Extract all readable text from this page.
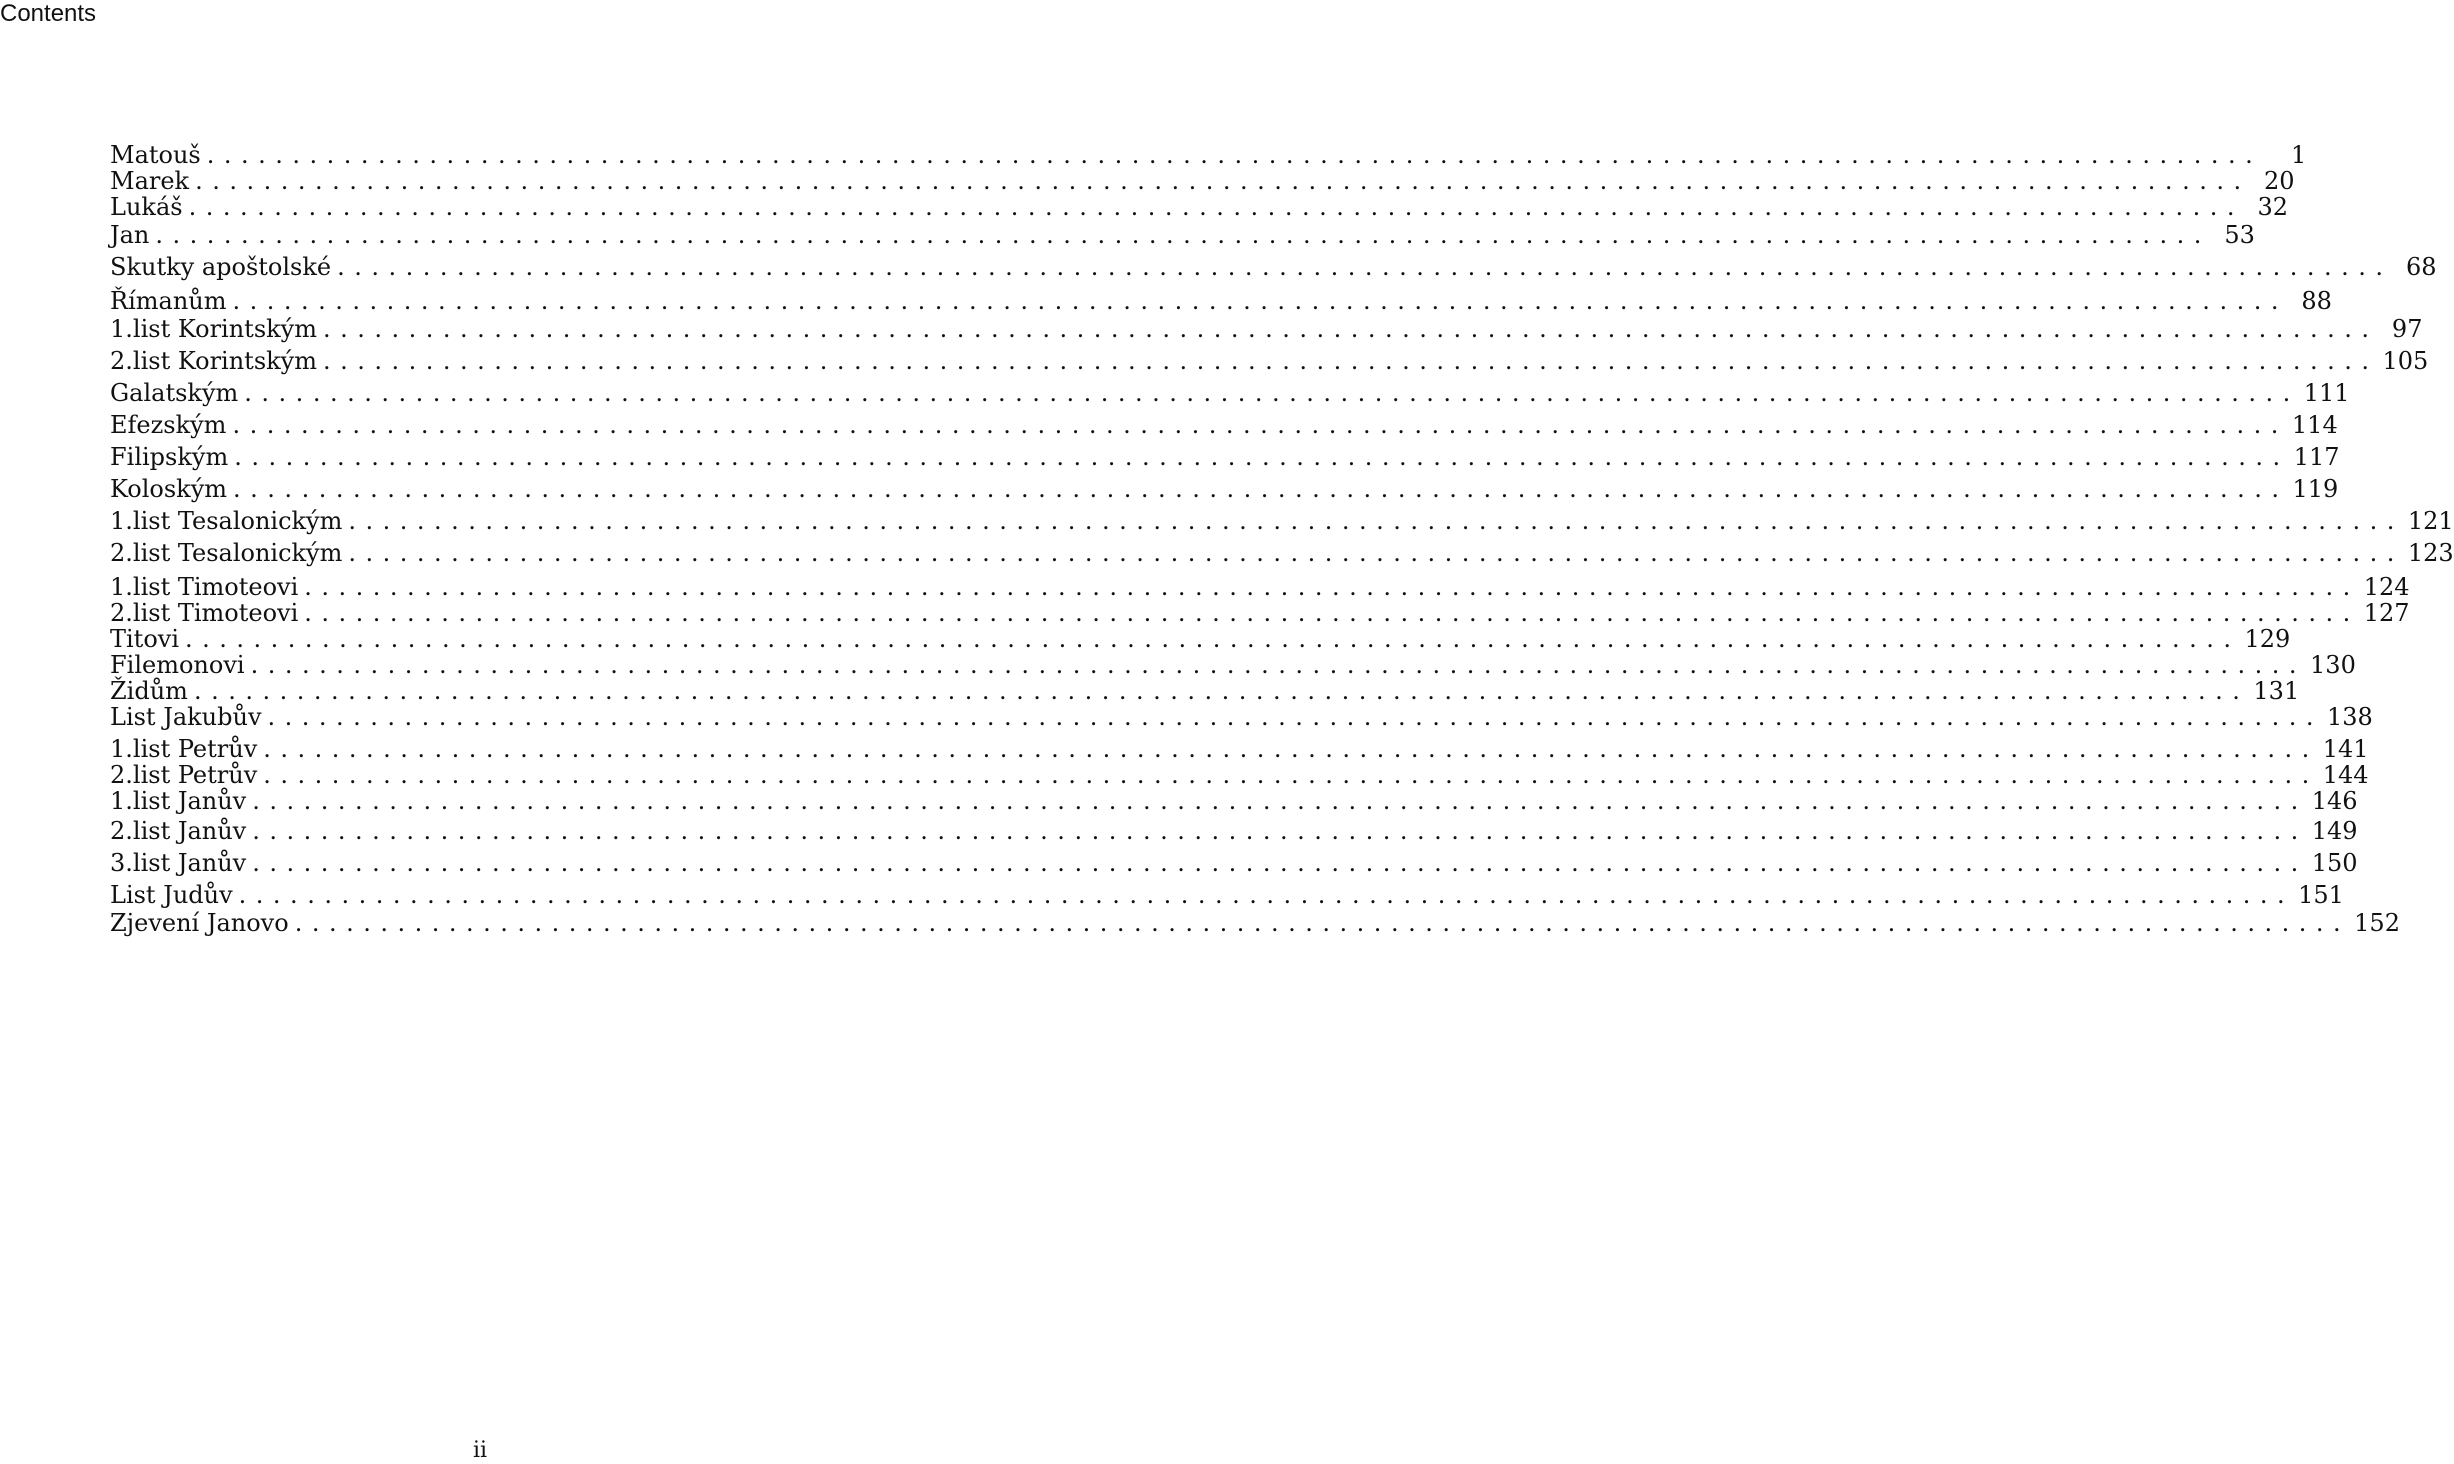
Contents
Matouš ........................................................................................................................	1
Marek ........................................................................................................................ 20
Lukáš ........................................................................................................................ 32
Jan ........................................................................................................................ 53
Skutky apoštolské ........................................................................................................................ 68
Římanům ........................................................................................................................ 88
1.list Korintským ........................................................................................................................ 97
2.list Korintským ........................................................................................................................ 105
Galatským ........................................................................................................................ 111
Efezským ........................................................................................................................ 114
Filipským ........................................................................................................................ 117
Koloským ........................................................................................................................ 119
1.list Tesalonickým ........................................................................................................................ 121
2.list Tesalonickým ........................................................................................................................ 123
1.list Timoteovi ........................................................................................................................ 124
2.list Timoteovi ........................................................................................................................ 127
Titovi ........................................................................................................................ 129
Filemonovi ........................................................................................................................ 130
Židům ........................................................................................................................ 131
List Jakubův ........................................................................................................................ 138
1.list Petrův ........................................................................................................................ 141
2.list Petrův ........................................................................................................................ 144
1.list Janův ........................................................................................................................ 146
2.list Janův ........................................................................................................................ 149
3.list Janův ........................................................................................................................ 150
List Judův ........................................................................................................................ 151
Zjevení Janovo ........................................................................................................................ 152
ii
